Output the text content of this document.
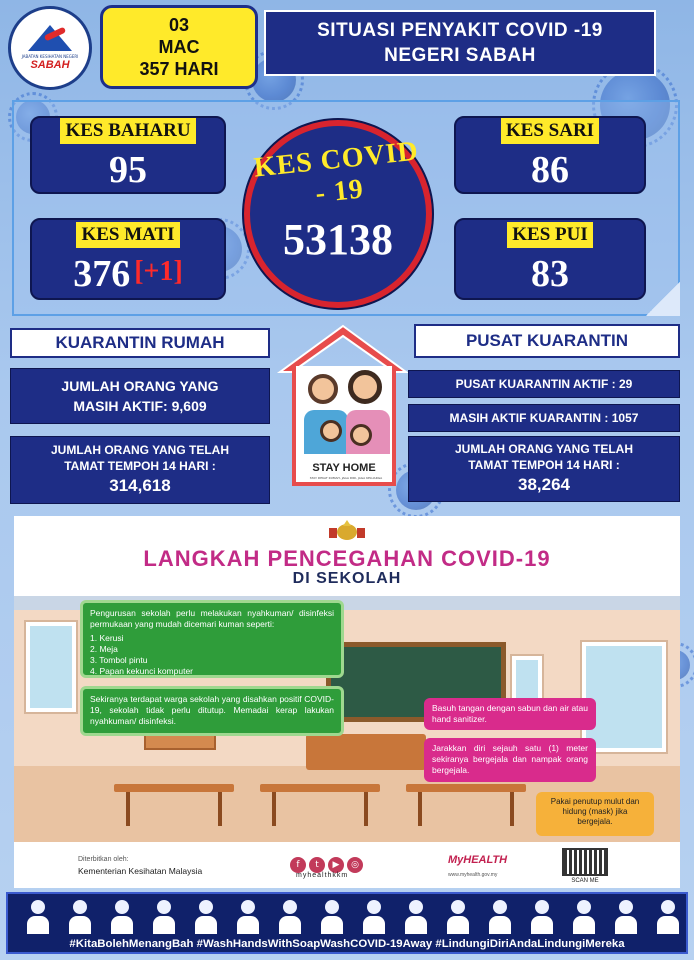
JABATAN KESIHATAN NEGERI
SABAH
03
MAC
357 HARI
SITUASI PENYAKIT COVID -19
NEGERI SABAH
KES BAHARU
95
KES MATI
376 [+1]
KES SARI
86
KES PUI
83
KES COVID - 19
53138
KUARANTIN RUMAH
JUMLAH ORANG YANG
MASIH AKTIF: 9,609
JUMLAH ORANG YANG TELAH
TAMAT TEMPOH 14 HARI :
314,618
STAY HOME
STAY DEKAT RUMAH, JAGA DIRI, JAGA KELUARGA
PUSAT KUARANTIN
PUSAT KUARANTIN AKTIF : 29
MASIH AKTIF KUARANTIN : 1057
JUMLAH ORANG YANG TELAH
TAMAT TEMPOH 14 HARI :
38,264
LANGKAH PENCEGAHAN COVID-19
DI SEKOLAH
Pengurusan sekolah perlu melakukan nyahkuman/ disinfeksi permukaan yang mudah dicemari kuman seperti:
1. Kerusi
2. Meja
3. Tombol pintu
4. Papan kekunci komputer
Sekiranya terdapat warga sekolah yang disahkan positif COVID-19, sekolah tidak perlu ditutup. Memadai kerap lakukan nyahkuman/ disinfeksi.
Basuh tangan dengan sabun dan air atau hand sanitizer.
Jarakkan diri sejauh satu (1) meter sekiranya bergejala dan nampak orang bergejala.
Pakai penutup mulut dan hidung (mask) jika bergejala.
Diterbitkan oleh:
Kementerian Kesihatan Malaysia
f t ▶ ◎
myhealthkkm
MyHEALTH
www.myhealth.gov.my
SCAN ME
#KitaBolehMenangBah #WashHandsWithSoapWashCOVID-19Away #LindungiDiriAndaLindungiMereka
